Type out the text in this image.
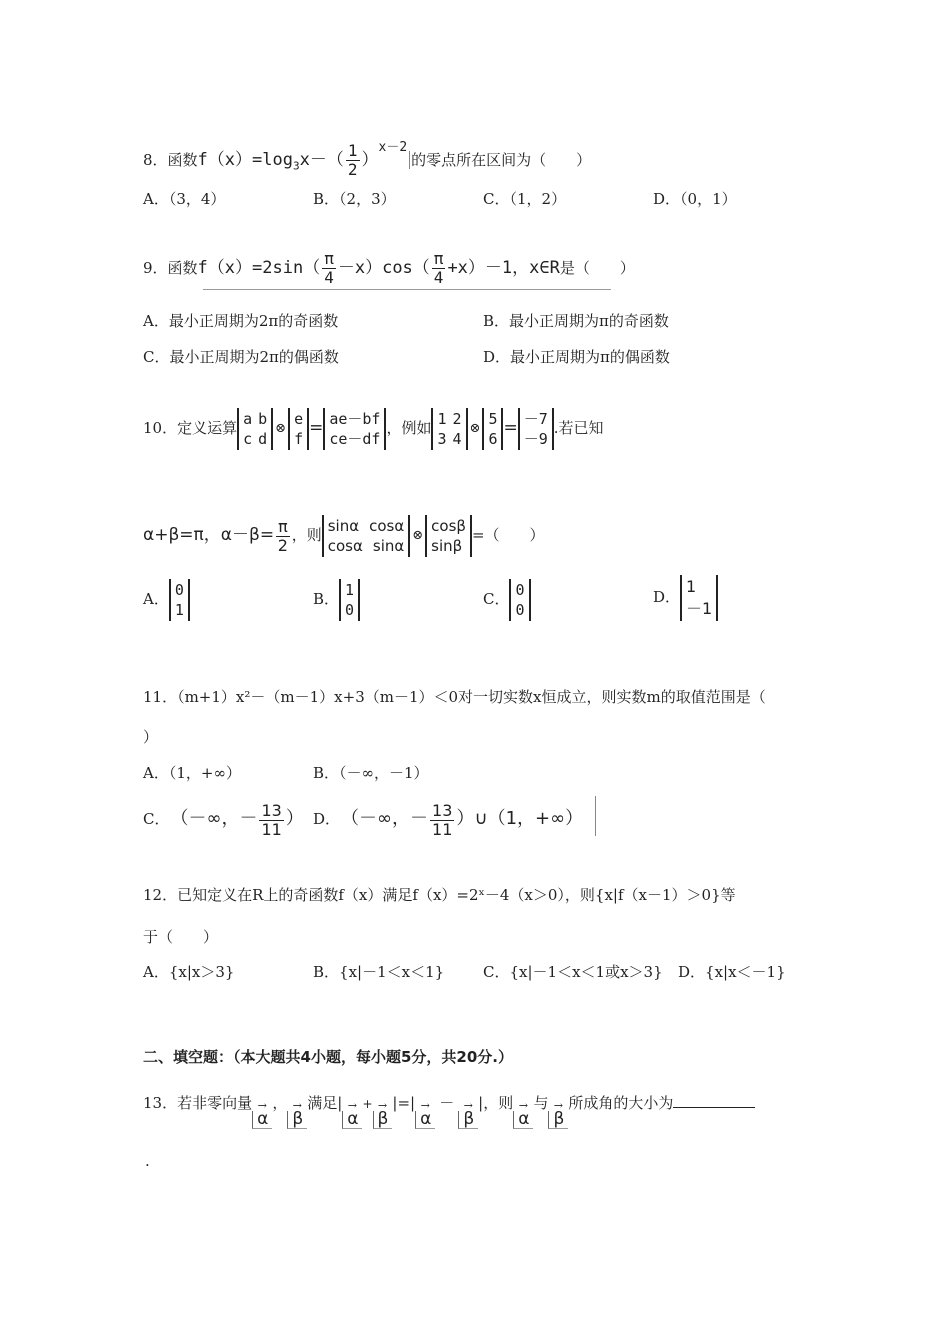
8．函数$f(x)=\log_3x-( \frac{1}{2} )^{x-2}$的零点所在区间为（　　）
A．（3，4）	B．（2，3）	C．（1，2）	D．（0，1）
9．函数$f(x)=2\sin( \frac{\pi}{4} -x)\cos( \frac{\pi}{4} +x)-1$，x∈R是（　　）
A．最小正周期为2π的奇函数	B．最小正周期为π的奇函数
C．最小正周期为2π的偶函数	D．最小正周期为π的偶函数
10．定义运算 a b
c d
⊗
e
f
= ae－bf
ce－df
，例如 1 2
3 4
⊗
5
6
= －7
－9
.若已知
α+β=π，$\alpha-\beta= \frac{\pi}{2}$ ，则 sinα cosα
cosα sinα
⊗
cosβ
sinβ
=（　　）
A． 0
1
B． 1
0
C． 0
0
D．
1
－1
11．（m+1）x²－（m－1）x+3（m－1）＜0对一切实数x恒成立，则实数m的取值范围是（
）
A．（1，+∞）	B．（－∞，－1）
C． （－∞，－ $\frac{13}{11}$ ） D． （－∞，－ $\frac{13}{11}$ ）∪（1，+∞）
12．已知定义在R上的奇函数f（x）满足f（x）=2ˣ－4（x＞0），则{x|f（x－1）＞0}等
于（　　）
A．{x|x＞3}	B．{x|－1＜x＜1}	C．{x|－1＜x＜1或x＞3} D．{x|x＜－1}
二、填空题：（本大题共4小题，每小题5分，共20分.）
13．若非零向量 →
α
， →
β
满足| →
α
+ →
β
|=| →
α
－ →
β
|，则 →
α
与 →
β
所成角的大小为
.
